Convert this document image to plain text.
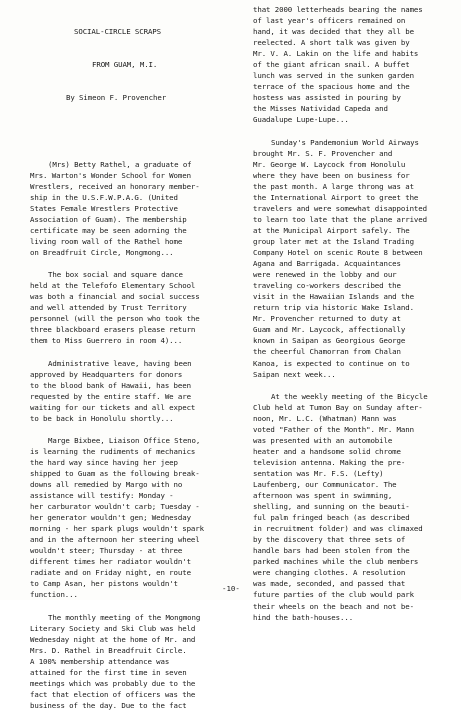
SOCIAL-CIRCLE SCRAPS

FROM GUAM, M.I.

By Simeon F. Provencher

(Mrs) Betty Rathel, a graduate of
Mrs. Warton's Wonder School for Women
Wrestlers, received an honorary member-
ship in the U.S.F.W.P.A.G. (United
States Female Wrestlers Protective
Association of Guam). The membership
certificate may be seen adorning the
living room wall of the Rathel home
on Breadfruit Circle, Mongmong...
The box social and square dance
held at the Telefofo Elementary School
was both a financial and social success
and well attended by Trust Territory
personnel (will the person who took the
three blackboard erasers please return
them to Miss Guerrero in room 4)...
Administrative leave, having been
approved by Headquarters for donors
to the blood bank of Hawaii, has been
requested by the entire staff. We are
waiting for our tickets and all expect
to be back in Honolulu shortly...
Marge Bixbee, Liaison Office Steno,
is learning the rudiments of mechanics
the hard way since having her jeep
shipped to Guam as the following break-
downs all remedied by Margo with no
assistance will testify: Monday -
her carburator wouldn't carb; Tuesday -
her generator wouldn't gen; Wednesday
morning - her spark plugs wouldn't spark
and in the afternoon her steering wheel
wouldn't steer; Thursday - at three
different times her radiator wouldn't
radiate and on Friday night, en route
to Camp Asan, her pistons wouldn't
function...
The monthly meeting of the Mongmong
Literary Society and Ski Club was held
Wednesday night at the home of Mr. and
Mrs. D. Rathel in Breadfruit Circle.
A 100% membership attendance was
attained for the first time in seven
meetings which was probably due to the
fact that election of officers was the
business of the day. Due to the fact
that 2000 letterheads bearing the names
of last year's officers remained on
hand, it was decided that they all be
reelected. A short talk was given by
Mr. V. A. Lakin on the life and habits
of the giant african snail. A buffet
lunch was served in the sunken garden
terrace of the spacious home and the
hostess was assisted in pouring by
the Misses Natividad Capeda and
Guadalupe Lupe-Lupe...
Sunday's Pandemonium World Airways
brought Mr. S. F. Provencher and
Mr. George W. Laycock from Honolulu
where they have been on business for
the past month. A large throng was at
the International Airport to greet the
travelers and were somewhat disappointed
to learn too late that the plane arrived
at the Municipal Airport safely. The
group later met at the Island Trading
Company Hotel on scenic Route 8 between
Agana and Barrigada. Acquaintances
were renewed in the lobby and our
traveling co-workers described the
visit in the Hawaiian Islands and the
return trip via historic Wake Island.
Mr. Provencher returned to duty at
Guam and Mr. Laycock, affectionally
known in Saipan as Georgious George
the cheerful Chamorran from Chalan
Kanoa, is expected to continue on to
Saipan next week...
At the weekly meeting of the Bicycle
Club held at Tumon Bay on Sunday after-
noon, Mr. L.C. (Whatman) Mann was
voted "Father of the Month". Mr. Mann
was presented with an automobile
heater and a handsome solid chrome
television antenna. Making the pre-
sentation was Mr. F.S. (Lefty)
Laufenberg, our Communicator. The
afternoon was spent in swimming,
shelling, and sunning on the beauti-
ful palm fringed beach (as described
in recruitment folder) and was climaxed
by the discovery that three sets of
handle bars had been stolen from the
parked machines while the club members
were changing clothes. A resolution
was made, seconded, and passed that
future parties of the club would park
their wheels on the beach and not be-
hind the bath-houses...
-10-
